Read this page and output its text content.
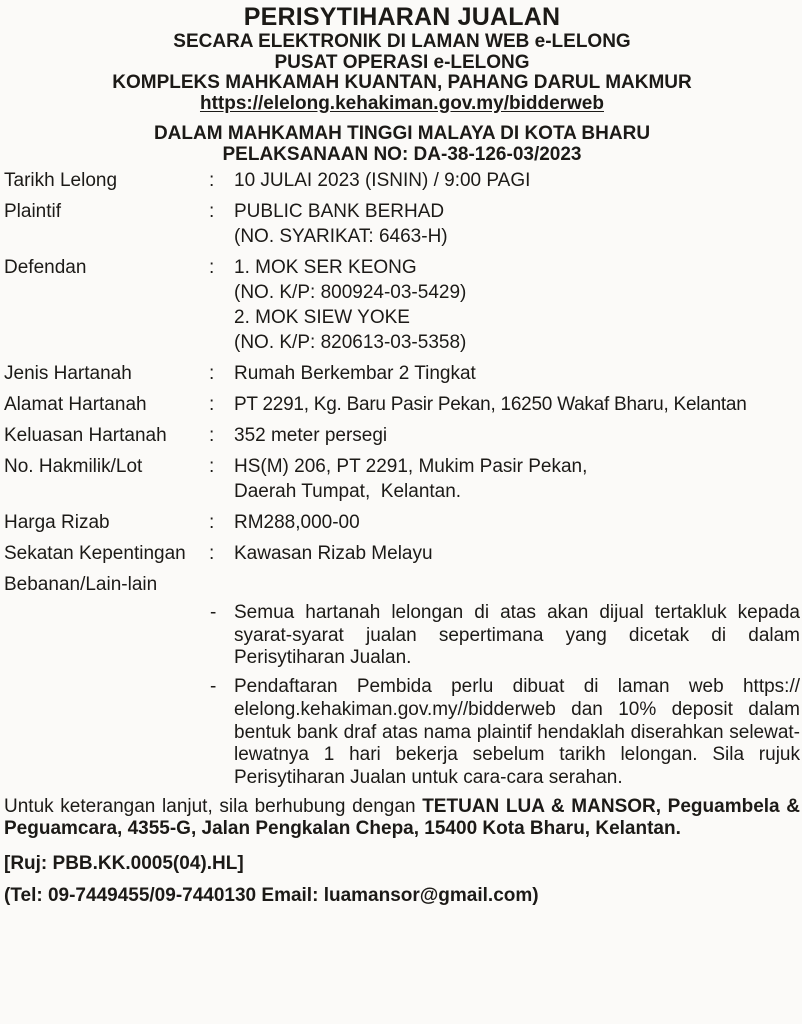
PERISYTIHARAN JUALAN
SECARA ELEKTRONIK DI LAMAN WEB e-LELONG
PUSAT OPERASI e-LELONG
KOMPLEKS MAHKAMAH KUANTAN, PAHANG DARUL MAKMUR
https://elelong.kehakiman.gov.my/bidderweb
DALAM MAHKAMAH TINGGI MALAYA DI KOTA BHARU
PELAKSANAAN NO: DA-38-126-03/2023
Tarikh Lelong	:	10 JULAI 2023 (ISNIN) / 9:00 PAGI
Plaintif	:	PUBLIC BANK BERHAD
(NO. SYARIKAT: 6463-H)
Defendan	:	1. MOK SER KEONG
(NO. K/P: 800924-03-5429)
2. MOK SIEW YOKE
(NO. K/P: 820613-03-5358)
Jenis Hartanah	:	Rumah Berkembar 2 Tingkat
Alamat Hartanah	:	PT 2291, Kg. Baru Pasir Pekan, 16250 Wakaf Bharu, Kelantan
Keluasan Hartanah	:	352 meter persegi
No. Hakmilik/Lot	:	HS(M) 206, PT 2291, Mukim Pasir Pekan,
Daerah Tumpat,  Kelantan.
Harga Rizab	:	RM288,000-00
Sekatan Kepentingan	:	Kawasan Rizab Melayu
Bebanan/Lain-lain
- Semua hartanah lelongan di atas akan dijual tertakluk kepada syarat-syarat jualan sepertimana yang dicetak di dalam Perisytiharan Jualan.
- Pendaftaran Pembida perlu dibuat di laman web https:// elelong.kehakiman.gov.my//bidderweb dan 10% deposit dalam bentuk bank draf atas nama plaintif hendaklah diserahkan selewat-lewatnya 1 hari bekerja sebelum tarikh lelongan. Sila rujuk Perisytiharan Jualan untuk cara-cara serahan.
Untuk keterangan lanjut, sila berhubung dengan TETUAN LUA & MANSOR, Peguambela & Peguamcara, 4355-G, Jalan Pengkalan Chepa, 15400 Kota Bharu, Kelantan.
[Ruj: PBB.KK.0005(04).HL]
(Tel: 09-7449455/09-7440130 Email: luamansor@gmail.com)
